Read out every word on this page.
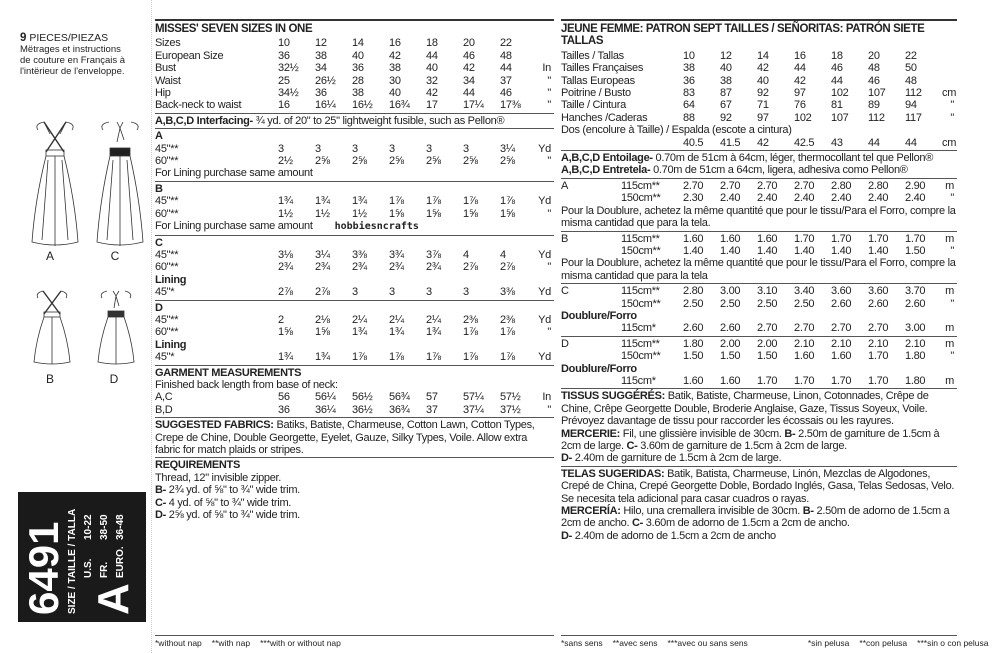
9 PIECES/PIEZAS
Mëtrages et instructions
de couture en Français à
l'intërieur de l'enveloppe.
A	C
B	D
6491 SIZE / TAILLE / TALLA A
U.S.
10-22
FR.
38-50
EURO.
36-48
MISSES' SEVEN SIZES IN ONE
Sizes	10	12	14	16	18	20	22
European Size	36	38	40	42	44	46	48
Bust	32½	34	36	38	40	42	44	In
Waist	25	26½	28	30	32	34	37	"
Hip	34½	36	38	40	42	44	46	"
Back-neck to waist	16	16¼	16½	16¾	17	17¼	17⅜	"
A,B,C,D Interfacing- ¾ yd. of 20" to 25" lightweight fusible, such as Pellon®
A
45"**	3	3	3	3	3	3	3¼	Yd
60"**	2½	2⅝	2⅝	2⅝	2⅝	2⅝	2⅝	"
For Lining purchase same amount
B
45"**	1¾	1¾	1¾	1⅞	1⅞	1⅞	1⅞	Yd
60"**	1½	1½	1½	1⅝	1⅝	1⅝	1⅝	"
For Lining purchase same amount hobbiesncrafts
C
45"**	3⅛	3¼	3⅜	3¾	3⅞	4	4	Yd
60"**	2¾	2¾	2¾	2¾	2¾	2⅞	2⅞	"
Lining
45"*	2⅞	2⅞	3	3	3	3	3⅜	Yd
D
45"**	2	2⅛	2¼	2¼	2¼	2⅜	2⅜	Yd
60"**	1⅝	1⅝	1¾	1¾	1¾	1⅞	1⅞	"
Lining
45"*	1¾	1¾	1⅞	1⅞	1⅞	1⅞	1⅞	Yd
GARMENT MEASUREMENTS
Finished back length from base of neck:
A,C	56	56¼	56½	56¾	57	57¼	57½	In
B,D	36	36¼	36½	36¾	37	37¼	37½	"
SUGGESTED FABRICS: Batiks, Batiste, Charmeuse, Cotton Lawn, Cotton Types, Crepe de Chine, Double Georgette, Eyelet, Gauze, Silky Types, Voile. Allow extra fabric for match plaids or stripes.
REQUIREMENTS
Thread, 12" invisible zipper.
B- 2¾ yd. of ⅝" to ¾" wide trim.
C- 4 yd. of ⅝" to ¾" wide trim.
D- 2⅝ yd. of ⅝" to ¾" wide trim.
*without nap **with nap ***with or without nap
JEUNE FEMME: PATRON SEPT TAILLES / SEÑORITAS: PATRÓN SIETE TALLAS
Tailles / Tallas	10	12	14	16	18	20	22
Tailles Françaises	38	40	42	44	46	48	50
Tallas Europeas	36	38	40	42	44	46	48
Poitrine / Busto	83	87	92	97	102	107	112	cm
Taille / Cintura	64	67	71	76	81	89	94	"
Hanches /Caderas	88	92	97	102	107	112	117	"
Dos (encolure à Taille) / Espalda (escote a cintura)
40.5	41.5	42	42.5	43	44	44	cm
A,B,C,D Entoilage- 0.70m de 51cm à 64cm, léger, thermocollant tel que Pellon®
A,B,C,D Entretela- 0.70m de 51cm a 64cm, ligera, adhesiva como Pellon®
A	115cm**	2.70	2.70	2.70	2.70	2.80	2.80	2.90	m
150cm**	2.30	2.40	2.40	2.40	2.40	2.40	2.40	"
Pour la Doublure, achetez la même quantité que pour le tissu/Para el Forro, compre la misma cantidad que para la tela.
B	115cm**	1.60	1.60	1.60	1.70	1.70	1.70	1.70	m
150cm**	1.40	1.40	1.40	1.40	1.40	1.40	1.50	"
Pour la Doublure, achetez la même quantité que pour le tissu/Para el Forro, compre la misma cantidad que para la tela
C	115cm**	2.80	3.00	3.10	3.40	3.60	3.60	3.70	m
150cm**	2.50	2.50	2.50	2.50	2.60	2.60	2.60	"
Doublure/Forro
115cm*	2.60	2.60	2.70	2.70	2.70	2.70	3.00	m
D	115cm**	1.80	2.00	2.00	2.10	2.10	2.10	2.10	m
150cm**	1.50	1.50	1.50	1.60	1.60	1.70	1.80	"
Doublure/Forro
115cm*	1.60	1.60	1.70	1.70	1.70	1.70	1.80	m
TISSUS SUGGÉRÉS: Batik, Batiste, Charmeuse, Linon, Cotonnades, Crêpe de Chine, Crêpe Georgette Double, Broderie Anglaise, Gaze, Tissus Soyeux, Voile. Prévoyez davantage de tissu pour raccorder les écossais ou les rayures.
MERCERIE: Fil, une glissière invisible de 30cm. B- 2.50m de garniture de 1.5cm à 2cm de large. C- 3.60m de garniture de 1.5cm à 2cm de large.
D- 2.40m de garniture de 1.5cm à 2cm de large.
TELAS SUGERIDAS: Batik, Batista, Charmeuse, Linón, Mezclas de Algodones, Crepé de China, Crepé Georgette Doble, Bordado Inglés, Gasa, Telas Sedosas, Velo. Se necesita tela adicional para casar cuadros o rayas.
MERCERÍA: Hilo, una cremallera invisible de 30cm. B- 2.50m de adorno de 1.5cm a 2cm de ancho. C- 3.60m de adorno de 1.5cm a 2cm de ancho.
D- 2.40m de adorno de 1.5cm a 2cm de ancho
*sans sens **avec sens ***avec ou sans sens	*sin pelusa **con pelusa ***sin o con pelusa
